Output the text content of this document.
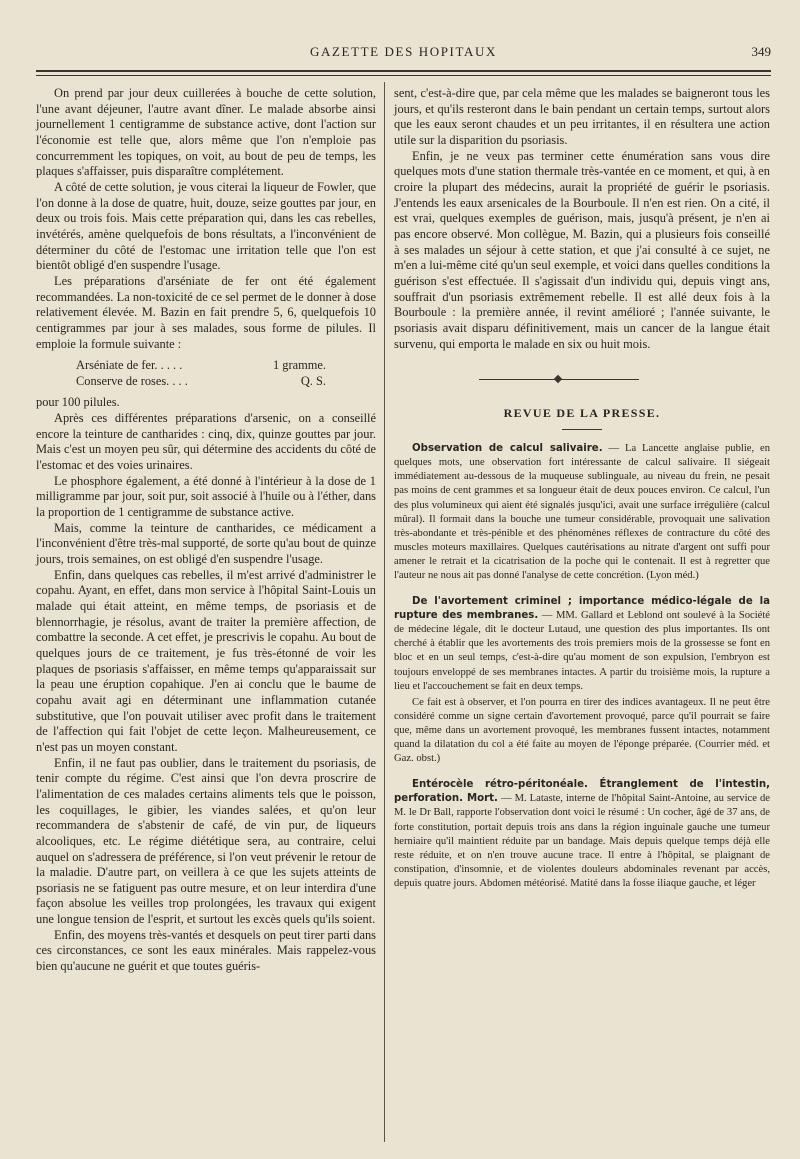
GAZETTE DES HOPITAUX	349

On prend par jour deux cuillerées à bouche de cette solution, l'une avant déjeuner, l'autre avant dîner. Le malade absorbe ainsi journellement 1 centigramme de substance active, dont l'action sur l'économie est telle que, alors même que l'on n'emploie pas concurremment les topiques, on voit, au bout de peu de temps, les plaques s'affaisser, puis disparaître complétement.

A côté de cette solution, je vous citerai la liqueur de Fowler, que l'on donne à la dose de quatre, huit, douze, seize gouttes par jour, en deux ou trois fois. Mais cette préparation qui, dans les cas rebelles, invétérés, amène quelquefois de bons résultats, a l'inconvénient de déterminer du côté de l'estomac une irritation telle que l'on est bientôt obligé d'en suspendre l'usage.

Les préparations d'arséniate de fer ont été également recommandées. La non-toxicité de ce sel permet de le donner à dose relativement élevée. M. Bazin en fait prendre 5, 6, quelquefois 10 centigrammes par jour à ses malades, sous forme de pilules. Il emploie la formule suivante :

Arséniate de fer. . . . .	1 gramme.
Conserve de roses. . . .	Q. S.

pour 100 pilules.

Après ces différentes préparations d'arsenic, on a conseillé encore la teinture de cantharides : cinq, dix, quinze gouttes par jour. Mais c'est un moyen peu sûr, qui détermine des accidents du côté de l'estomac et des voies urinaires.

Le phosphore également, a été donné à l'intérieur à la dose de 1 milligramme par jour, soit pur, soit associé à l'huile ou à l'éther, dans la proportion de 1 centigramme de substance active.

Mais, comme la teinture de cantharides, ce médicament a l'inconvénient d'être très-mal supporté, de sorte qu'au bout de quinze jours, trois semaines, on est obligé d'en suspendre l'usage.

Enfin, dans quelques cas rebelles, il m'est arrivé d'administrer le copahu. Ayant, en effet, dans mon service à l'hôpital Saint-Louis un malade qui était atteint, en même temps, de psoriasis et de blennorrhagie, je résolus, avant de traiter la première affection, de combattre la seconde. A cet effet, je prescrivis le copahu. Au bout de quelques jours de ce traitement, je fus très-étonné de voir les plaques de psoriasis s'affaisser, en même temps qu'apparaissait sur la peau une éruption copahique. J'en ai conclu que le baume de copahu avait agi en déterminant une inflammation cutanée substitutive, que l'on pouvait utiliser avec profit dans le traitement de l'affection qui fait l'objet de cette leçon. Malheureusement, ce n'est pas un moyen constant.

Enfin, il ne faut pas oublier, dans le traitement du psoriasis, de tenir compte du régime. C'est ainsi que l'on devra proscrire de l'alimentation de ces malades certains aliments tels que le poisson, les coquillages, le gibier, les viandes salées, et qu'on leur recommandera de s'abstenir de café, de vin pur, de liqueurs alcooliques, etc. Le régime diététique sera, au contraire, celui auquel on s'adressera de préférence, si l'on veut prévenir le retour de la maladie. D'autre part, on veillera à ce que les sujets atteints de psoriasis ne se fatiguent pas outre mesure, et on leur interdira d'une façon absolue les veilles trop prolongées, les travaux qui exigent une longue tension de l'esprit, et surtout les excès quels qu'ils soient.

Enfin, des moyens très-vantés et desquels on peut tirer parti dans ces circonstances, ce sont les eaux minérales. Mais rappelez-vous bien qu'aucune ne guérit et que toutes guéris-

sent, c'est-à-dire que, par cela même que les malades se baigneront tous les jours, et qu'ils resteront dans le bain pendant un certain temps, surtout alors que les eaux seront chaudes et un peu irritantes, il en résultera une action utile sur la disparition du psoriasis.

Enfin, je ne veux pas terminer cette énumération sans vous dire quelques mots d'une station thermale très-vantée en ce moment, et qui, à en croire la plupart des médecins, aurait la propriété de guérir le psoriasis. J'entends les eaux arsenicales de la Bourboule. Il n'en est rien. On a cité, il est vrai, quelques exemples de guérison, mais, jusqu'à présent, je n'en ai pas encore observé. Mon collègue, M. Bazin, qui a plusieurs fois conseillé à ses malades un séjour à cette station, et que j'ai consulté à ce sujet, ne m'en a lui-même cité qu'un seul exemple, et voici dans quelles conditions la guérison s'est effectuée. Il s'agissait d'un individu qui, depuis vingt ans, souffrait d'un psoriasis extrêmement rebelle. Il est allé deux fois à la Bourboule : la première année, il revint amélioré ; l'année suivante, le psoriasis avait disparu définitivement, mais un cancer de la langue était survenu, qui emporta le malade en six ou huit mois.

REVUE DE LA PRESSE.

Observation de calcul salivaire. — La Lancette anglaise publie, en quelques mots, une observation fort intéressante de calcul salivaire. Il siégeait immédiatement au-dessous de la muqueuse sublinguale, au niveau du frein, ne pesait pas moins de cent grammes et sa longueur était de deux pouces environ. Ce calcul, l'un des plus volumineux qui aient été signalés jusqu'ici, avait une surface irrégulière (calcul mûral). Il formait dans la bouche une tumeur considérable, provoquait une salivation très-abondante et très-pénible et des phénomènes réflexes de contracture du côté des muscles moteurs maxillaires. Quelques cautérisations au nitrate d'argent ont suffi pour amener le retrait et la cicatrisation de la poche qui le contenait. Il est à regretter que l'auteur ne nous ait pas donné l'analyse de cette concrétion. (Lyon méd.)

De l'avortement criminel ; importance médico-légale de la rupture des membranes. — MM. Gallard et Leblond ont soulevé à la Société de médecine légale, dit le docteur Lutaud, une question des plus importantes. Ils ont cherché à établir que les avortements des trois premiers mois de la grossesse se font en bloc et en un seul temps, c'est-à-dire qu'au moment de son expulsion, l'embryon est toujours enveloppé de ses membranes intactes. A partir du troisième mois, la rupture a lieu et l'accouchement se fait en deux temps.

Ce fait est à observer, et l'on pourra en tirer des indices avantageux. Il ne peut être considéré comme un signe certain d'avortement provoqué, parce qu'il pourrait se faire que, même dans un avortement provoqué, les membranes fussent intactes, notamment quand la dilatation du col a été faite au moyen de l'éponge préparée. (Courrier méd. et Gaz. obst.)

Entérocèle rétro-péritonéale. Étranglement de l'intestin, perforation. Mort. — M. Lataste, interne de l'hôpital Saint-Antoine, au service de M. le Dr Ball, rapporte l'observation dont voici le résumé : Un cocher, âgé de 37 ans, de forte constitution, portait depuis trois ans dans la région inguinale gauche une tumeur herniaire qu'il maintient réduite par un bandage. Mais depuis quelque temps déjà elle reste réduite, et on n'en trouve aucune trace. Il entre à l'hôpital, se plaignant de constipation, d'insomnie, et de violentes douleurs abdominales revenant par accès, depuis quatre jours. Abdomen météorisé. Matité dans la fosse iliaque gauche, et léger
